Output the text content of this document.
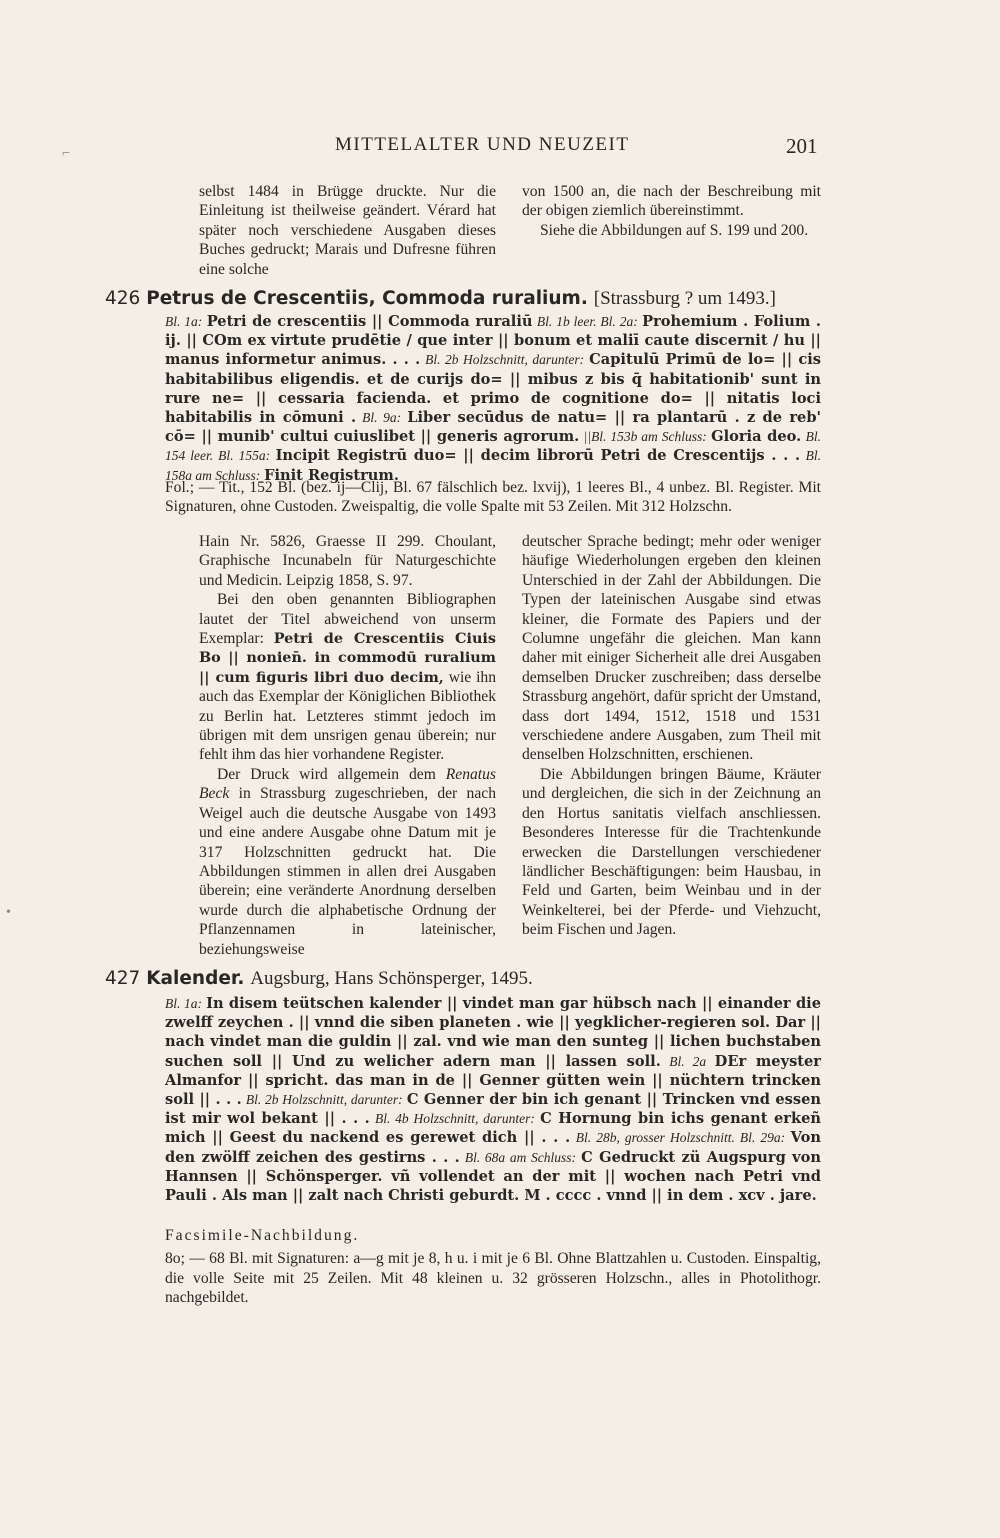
MITTELALTER UND NEUZEIT	201

selbst 1484 in Brügge druckte. Nur die Einleitung ist theilweise geändert. Vérard hat später noch verschiedene Ausgaben dieses Buches gedruckt; Marais und Dufresne führen eine solche

von 1500 an, die nach der Beschreibung mit der obigen ziemlich übereinstimmt.

Siehe die Abbildungen auf S. 199 und 200.

426 Petrus de Crescentiis, Commoda ruralium. [Strassburg ? um 1493.]
Bl. 1a: Petri de crescentiis || Commoda ruraliū Bl. 1b leer. Bl. 2a: Prohemium . Folium . ij. || COm ex virtute prudētie / que inter || bonum et maliī caute discernit / hu || manus informetur animus. . . . Bl. 2b Holzschnitt, darunter: Capitulū Primū de lo= || cis habitabilibus eligendis. et de curijs do= || mibus z bis q̄ habitationib' sunt in rure ne= || cessaria facienda. et primo de cognitione do= || nitatis loci habitabilis in cōmuni . Bl. 9a: Liber secūdus de natu= || ra plantarū . z de reb' cō= || munib' cultui cuiuslibet || generis agrorum. ||Bl. 153b am Schluss: Gloria deo. Bl. 154 leer. Bl. 155a: Incipit Registrū duo= || decim librorū Petri de Crescentijs . . . Bl. 158a am Schluss: Finit Registrum.

Fol.; — Tit., 152 Bl. (bez. ij—Clij, Bl. 67 fälschlich bez. lxvij), 1 leeres Bl., 4 unbez. Bl. Register. Mit Signaturen, ohne Custoden. Zweispaltig, die volle Spalte mit 53 Zeilen. Mit 312 Holzschn.

Hain Nr. 5826, Graesse II 299. Choulant, Graphische Incunabeln für Naturgeschichte und Medicin. Leipzig 1858, S. 97.

Bei den oben genannten Bibliographen lautet der Titel abweichend von unserm Exemplar: Petri de Crescentiis Ciuis Bo || nonien̄. in commodū ruralium || cum figuris libri duo decim, wie ihn auch das Exemplar der Königlichen Bibliothek zu Berlin hat. Letzteres stimmt jedoch im übrigen mit dem unsrigen genau überein; nur fehlt ihm das hier vorhandene Register.

Der Druck wird allgemein dem Renatus Beck in Strassburg zugeschrieben, der nach Weigel auch die deutsche Ausgabe von 1493 und eine andere Ausgabe ohne Datum mit je 317 Holzschnitten gedruckt hat. Die Abbildungen stimmen in allen drei Ausgaben überein; eine veränderte Anordnung derselben wurde durch die alphabetische Ordnung der Pflanzennamen in lateinischer, beziehungsweise

deutscher Sprache bedingt; mehr oder weniger häufige Wiederholungen ergeben den kleinen Unterschied in der Zahl der Abbildungen. Die Typen der lateinischen Ausgabe sind etwas kleiner, die Formate des Papiers und der Columne ungefähr die gleichen. Man kann daher mit einiger Sicherheit alle drei Ausgaben demselben Drucker zuschreiben; dass derselbe Strassburg angehört, dafür spricht der Umstand, dass dort 1494, 1512, 1518 und 1531 verschiedene andere Ausgaben, zum Theil mit denselben Holzschnitten, erschienen.

Die Abbildungen bringen Bäume, Kräuter und dergleichen, die sich in der Zeichnung an den Hortus sanitatis vielfach anschliessen. Besonderes Interesse für die Trachtenkunde erwecken die Darstellungen verschiedener ländlicher Beschäftigungen: beim Hausbau, in Feld und Garten, beim Weinbau und in der Weinkelterei, bei der Pferde- und Viehzucht, beim Fischen und Jagen.

427 Kalender. Augsburg, Hans Schönsperger, 1495.
Bl. 1a: In disem teütschen kalender || vindet man gar hübsch nach || einander die zwelff zeychen . || vnnd die siben planeten . wie || yegklicher-regieren sol. Dar || nach vindet man die guldin || zal. vnd wie man den sunteg || lichen buchstaben suchen soll || Und zu welicher adern man || lassen soll. Bl. 2a DEr meyster Almanfor || spricht. das man in de || Genner gütten wein || nüchtern trincken soll || . . . Bl. 2b Holzschnitt, darunter: C Genner der bin ich genant || Trincken vnd essen ist mir wol bekant || . . . Bl. 4b Holzschnitt, darunter: C Hornung bin ichs genant erkeñ mich || Geest du nackend es gerewet dich || . . . Bl. 28b, grosser Holzschnitt. Bl. 29a: Von den zwölff zeichen des gestirns . . . Bl. 68a am Schluss: C Gedruckt zü Augspurg von Hannsen || Schönsperger. vñ vollendet an der mit || wochen nach Petri vnd Pauli . Als man || zalt nach Christi geburdt. M . cccc . vnnd || in dem . xcv . jare.

Facsimile-Nachbildung.

8o; — 68 Bl. mit Signaturen: a—g mit je 8, h u. i mit je 6 Bl. Ohne Blattzahlen u. Custoden. Einspaltig, die volle Seite mit 25 Zeilen. Mit 48 kleinen u. 32 grösseren Holzschn., alles in Photolithogr. nachgebildet.

⌐
•
